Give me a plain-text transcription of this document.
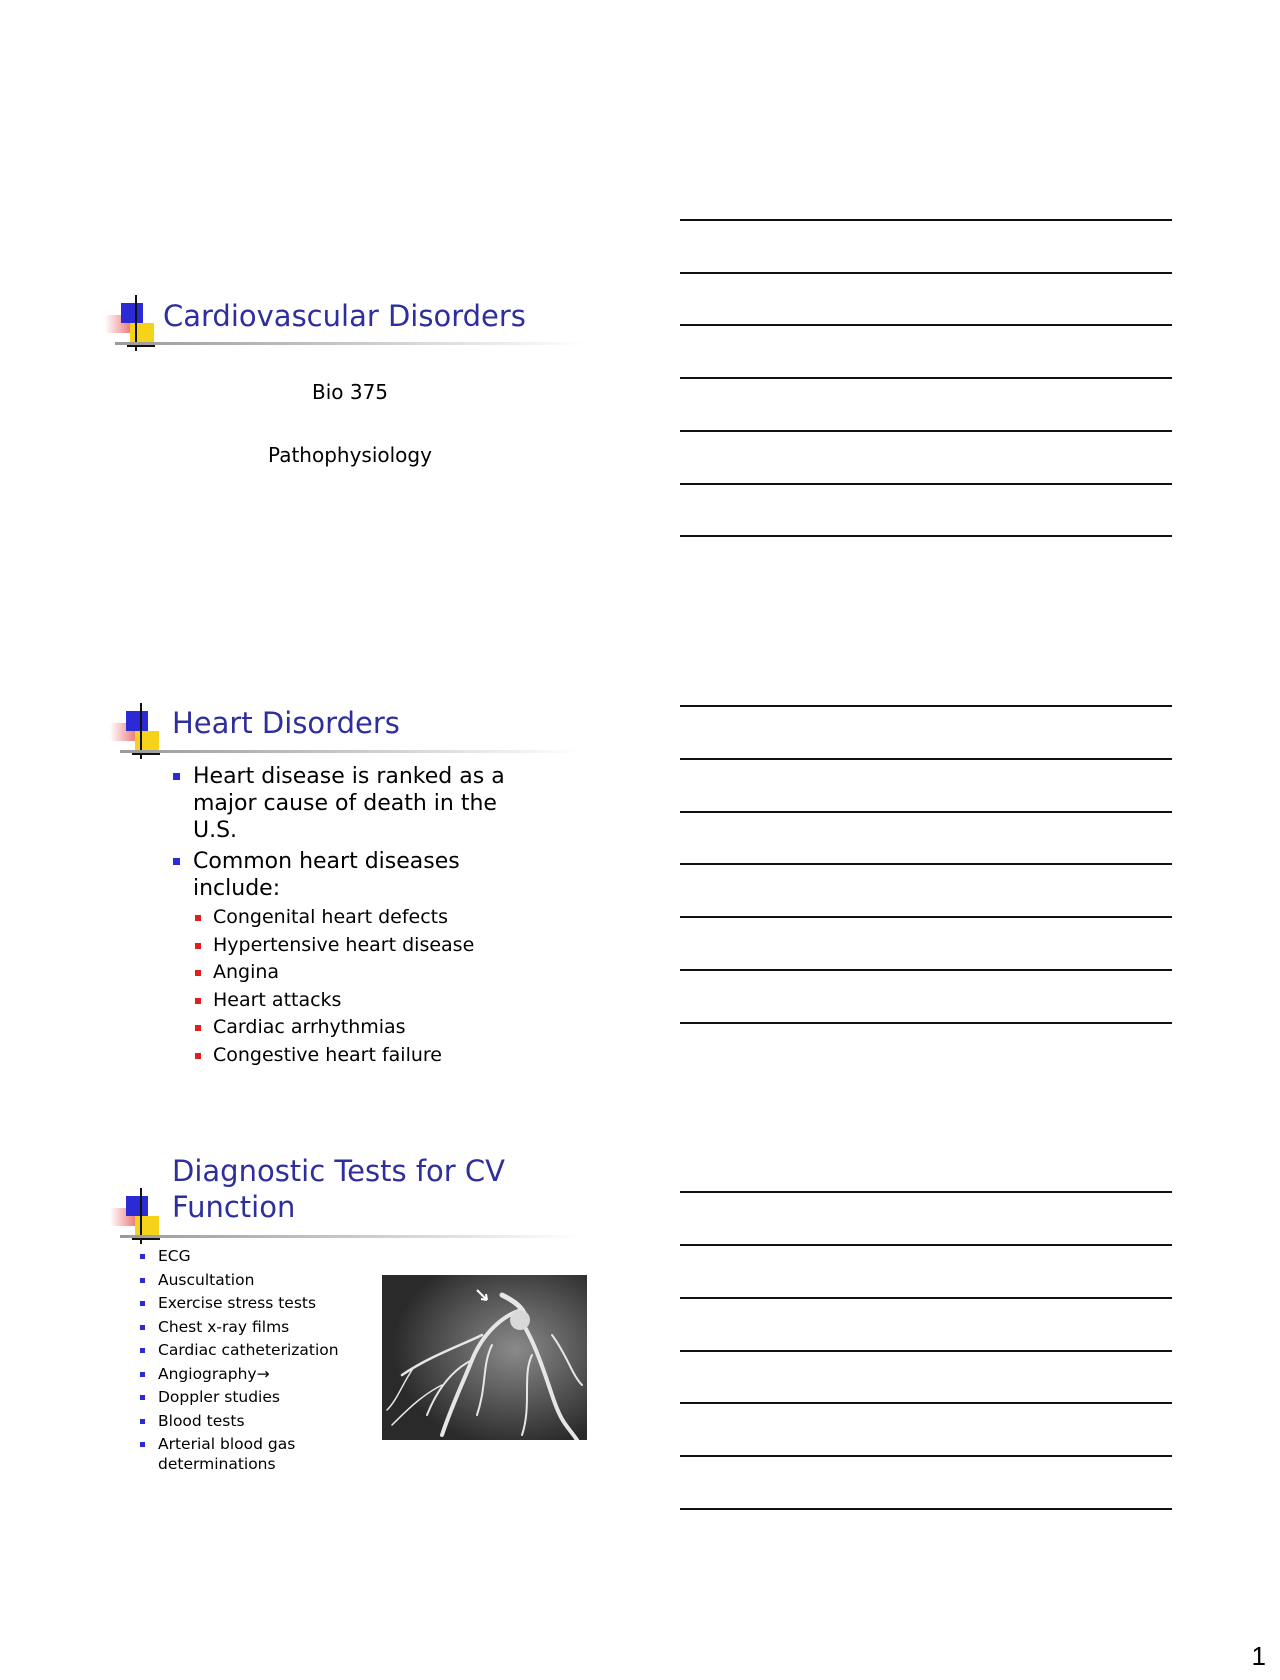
Cardiovascular Disorders
Bio 375
Pathophysiology
Heart Disorders
Heart disease is ranked as a major cause of death in the U.S.
Common heart diseases include:
Congenital heart defects
Hypertensive heart disease
Angina
Heart attacks
Cardiac arrhythmias
Congestive heart failure
Diagnostic Tests for CV
Function
ECG
Auscultation
Exercise stress tests
Chest x-ray films
Cardiac catheterization
Angiography→
Doppler studies
Blood tests
Arterial blood gas determinations
1
